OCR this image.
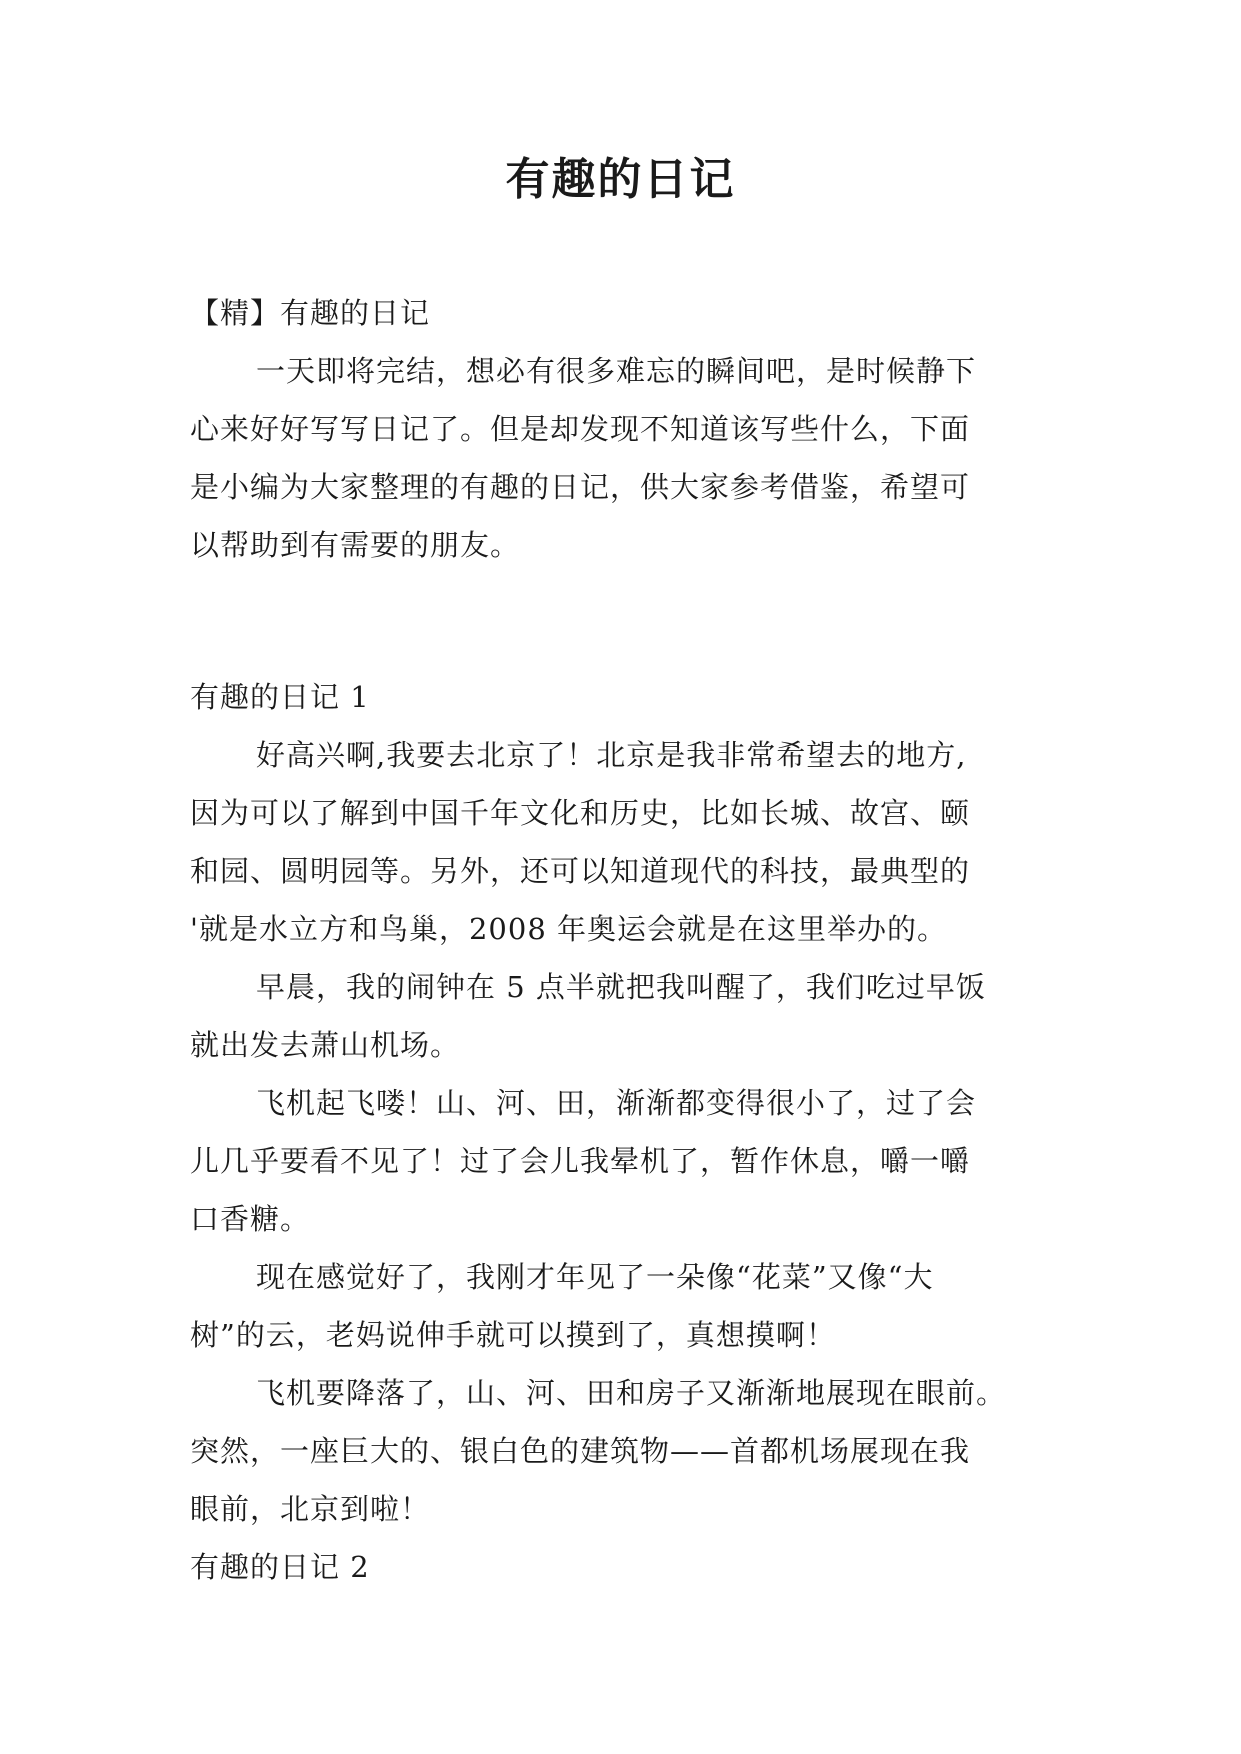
有趣的日记
【精】有趣的日记
一天即将完结，想必有很多难忘的瞬间吧，是时候静下
心来好好写写日记了。但是却发现不知道该写些什么，下面
是小编为大家整理的有趣的日记，供大家参考借鉴，希望可
以帮助到有需要的朋友。
有趣的日记 1
好高兴啊,我要去北京了！北京是我非常希望去的地方,
因为可以了解到中国千年文化和历史，比如长城、故宫、颐
和园、圆明园等。另外，还可以知道现代的科技，最典型的
'就是水立方和鸟巢，2008 年奥运会就是在这里举办的。
早晨，我的闹钟在 5 点半就把我叫醒了，我们吃过早饭
就出发去萧山机场。
飞机起飞喽！山、河、田，渐渐都变得很小了，过了会
儿几乎要看不见了！过了会儿我晕机了，暂作休息，嚼一嚼
口香糖。
现在感觉好了，我刚才年见了一朵像“花菜”又像“大
树”的云，老妈说伸手就可以摸到了，真想摸啊！
飞机要降落了，山、河、田和房子又渐渐地展现在眼前。
突然，一座巨大的、银白色的建筑物——首都机场展现在我
眼前，北京到啦！
有趣的日记 2
